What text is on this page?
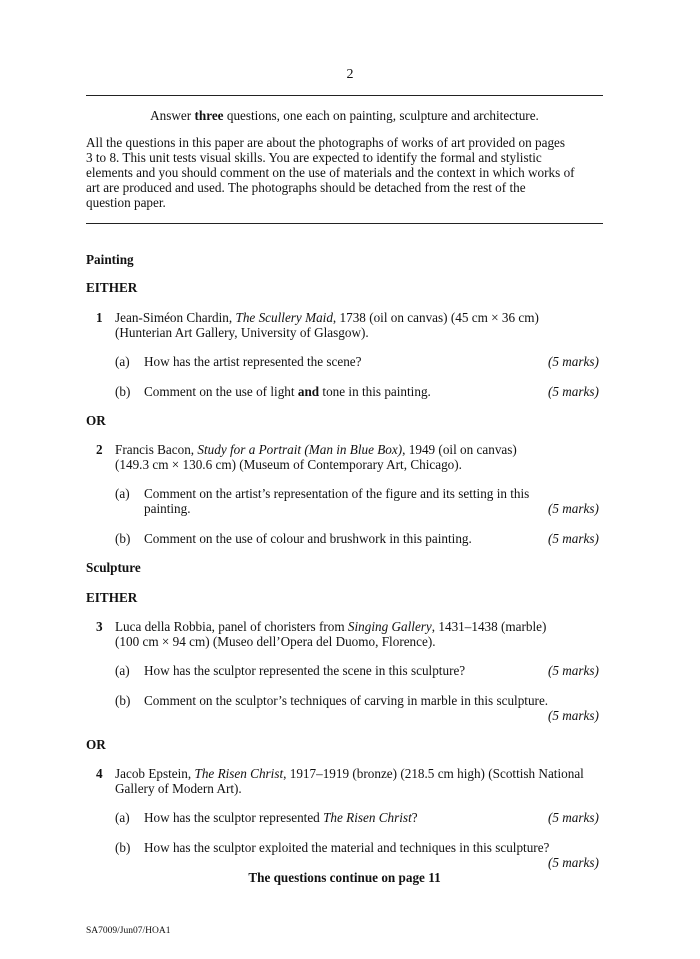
2
Answer three questions, one each on painting, sculpture and architecture.
All the questions in this paper are about the photographs of works of art provided on pages
3 to 8. This unit tests visual skills. You are expected to identify the formal and stylistic
elements and you should comment on the use of materials and the context in which works of
art are produced and used. The photographs should be detached from the rest of the
question paper.
Painting
EITHER
1 Jean-Siméon Chardin, The Scullery Maid, 1738 (oil on canvas) (45 cm × 36 cm)
(Hunterian Art Gallery, University of Glasgow).
(a) How has the artist represented the scene?	(5 marks)
(b) Comment on the use of light and tone in this painting.	(5 marks)
OR
2 Francis Bacon, Study for a Portrait (Man in Blue Box), 1949 (oil on canvas)
(149.3 cm × 130.6 cm) (Museum of Contemporary Art, Chicago).
(a) Comment on the artist’s representation of the figure and its setting in this
painting.	(5 marks)
(b) Comment on the use of colour and brushwork in this painting.	(5 marks)
Sculpture
EITHER
3 Luca della Robbia, panel of choristers from Singing Gallery, 1431–1438 (marble)
(100 cm × 94 cm) (Museo dell’Opera del Duomo, Florence).
(a) How has the sculptor represented the scene in this sculpture?	(5 marks)
(b) Comment on the sculptor’s techniques of carving in marble in this sculpture.
(5 marks)
OR
4 Jacob Epstein, The Risen Christ, 1917–1919 (bronze) (218.5 cm high) (Scottish National
Gallery of Modern Art).
(a) How has the sculptor represented The Risen Christ?	(5 marks)
(b) How has the sculptor exploited the material and techniques in this sculpture?
(5 marks)
The questions continue on page 11
SA7009/Jun07/HOA1
